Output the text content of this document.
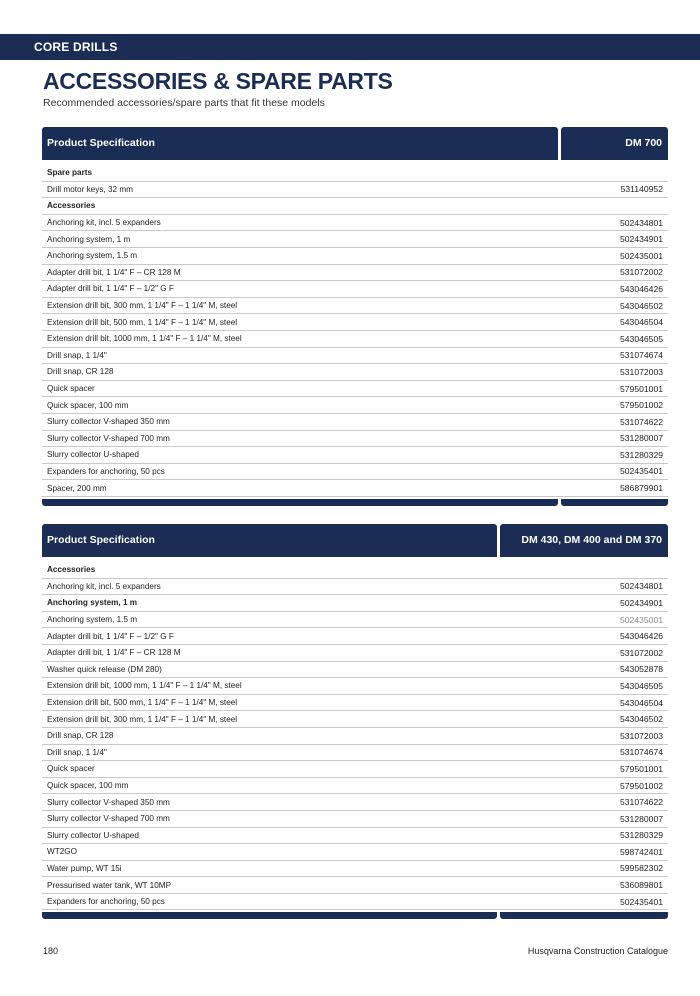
CORE DRILLS
ACCESSORIES & SPARE PARTS
Recommended accessories/spare parts that fit these models
Product Specification	DM 700
Spare parts
Drill motor keys, 32 mm	531140952
Accessories
Anchoring kit, incl. 5 expanders	502434801
Anchoring system, 1 m	502434901
Anchoring system, 1.5 m	502435001
Adapter drill bit, 1 1/4" F – CR 128 M	531072002
Adapter drill bit, 1 1/4" F – 1/2" G F	543046426
Extension drill bit, 300 mm, 1 1/4" F – 1 1/4" M, steel	543046502
Extension drill bit, 500 mm, 1 1/4" F – 1 1/4" M, steel	543046504
Extension drill bit, 1000 mm, 1 1/4" F – 1 1/4" M, steel	543046505
Drill snap, 1 1/4"	531074674
Drill snap, CR 128	531072003
Quick spacer	579501001
Quick spacer, 100 mm	579501002
Slurry collector V-shaped 350 mm	531074622
Slurry collector V-shaped 700 mm	531280007
Slurry collector U-shaped	531280329
Expanders for anchoring, 50 pcs	502435401
Spacer, 200 mm	586879901
Product Specification	DM 430, DM 400 and DM 370
Accessories
Anchoring kit, incl. 5 expanders	502434801
Anchoring system, 1 m	502434901
Anchoring system, 1.5 m	502435001
Adapter drill bit, 1 1/4" F – 1/2" G F	543046426
Adapter drill bit, 1 1/4" F – CR 128 M	531072002
Washer quick release (DM 280)	543052878
Extension drill bit, 1000 mm, 1 1/4" F – 1 1/4" M, steel	543046505
Extension drill bit, 500 mm, 1 1/4" F – 1 1/4" M, steel	543046504
Extension drill bit, 300 mm, 1 1/4" F – 1 1/4" M, steel	543046502
Drill snap, CR 128	531072003
Drill snap, 1 1/4"	531074674
Quick spacer	579501001
Quick spacer, 100 mm	579501002
Slurry collector V-shaped 350 mm	531074622
Slurry collector V-shaped 700 mm	531280007
Slurry collector U-shaped	531280329
WT2GO	598742401
Water pump, WT 15i	599582302
Pressurised water tank, WT 10MP	536089801
Expanders for anchoring, 50 pcs	502435401
180	Husqvarna Construction Catalogue
